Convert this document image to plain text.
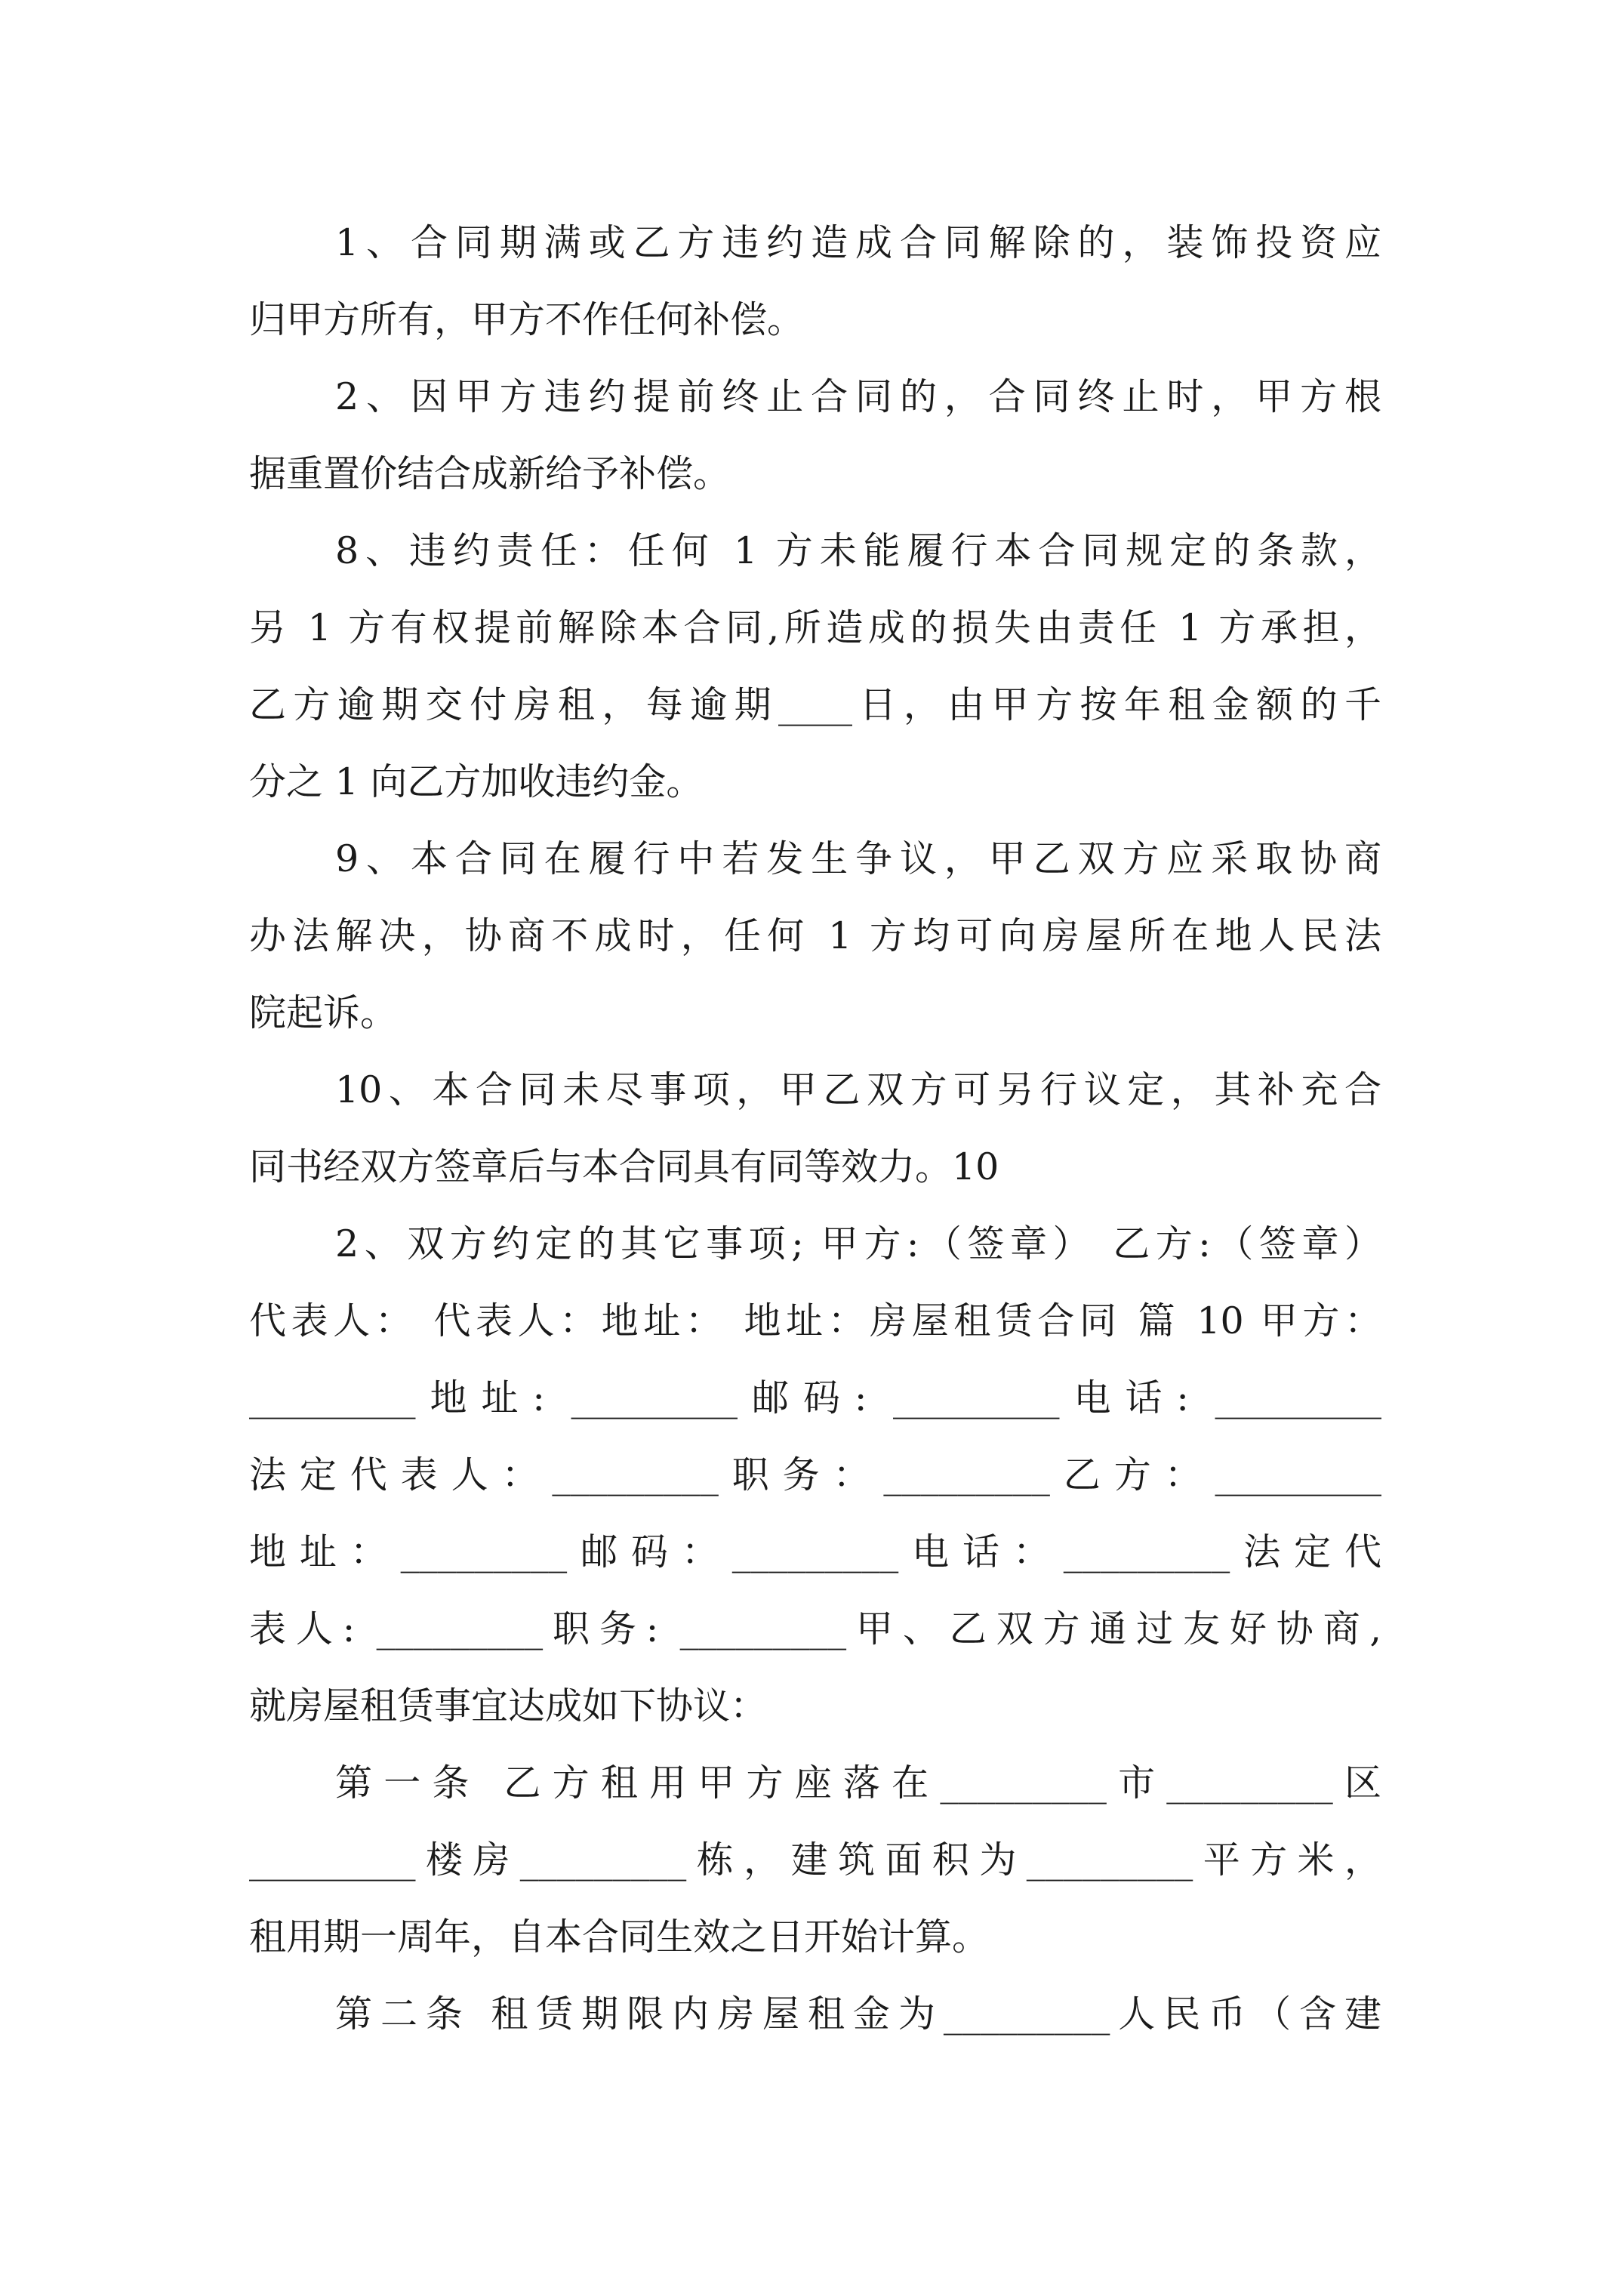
1、合同期满或乙方违约造成合同解除的，装饰投资应

归甲方所有，甲方不作任何补偿。

2、因甲方违约提前终止合同的，合同终止时，甲方根

据重置价结合成新给予补偿。

8、违约责任：任何 1 方未能履行本合同规定的条款，

另 1 方有权提前解除本合同,所造成的损失由责任 1 方承担，

乙方逾期交付房租，每逾期____日，由甲方按年租金额的千

分之 1 向乙方加收违约金。

9、本合同在履行中若发生争议，甲乙双方应采取协商

办法解决，协商不成时，任何 1 方均可向房屋所在地人民法

院起诉。

10、本合同未尽事项，甲乙双方可另行议定，其补充合

同书经双方签章后与本合同具有同等效力。10

2、双方约定的其它事项; 甲方:（签章） 乙方:（签章）

代表人： 代表人：地址： 地址：房屋租赁合同 篇 10 甲方：

_________地址: _________邮码: _________电话: _________

法定代表人：_________职务：_________乙方：_________

地址：_________邮码：_________电话：_________法定代

表人: _________职务: _________甲、乙双方通过友好协商,

就房屋租赁事宜达成如下协议：

第一条 乙方租用甲方座落在_________市_________区

_________楼房_________栋，建筑面积为_________平方米，

租用期一周年，自本合同生效之日开始计算。

第二条 租赁期限内房屋租金为_________人民币（含建
